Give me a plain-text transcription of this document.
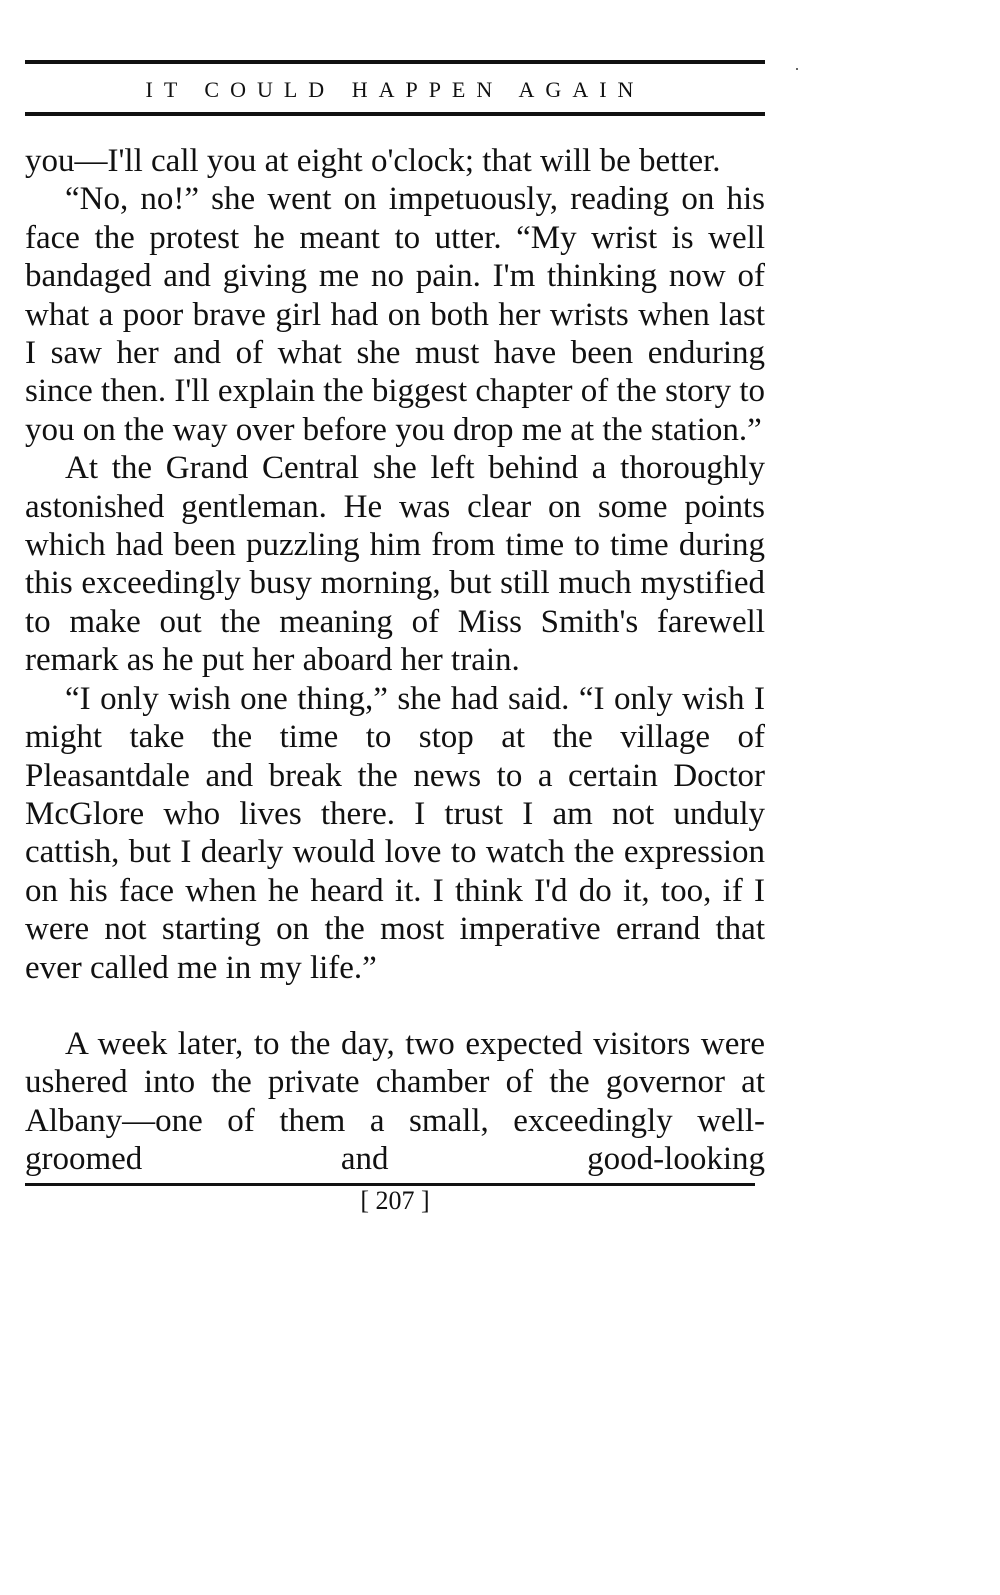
IT COULD HAPPEN AGAIN

you—I'll call you at eight o'clock; that will be better.

“No, no!” she went on impetuously, reading on his face the protest he meant to utter. “My wrist is well bandaged and giving me no pain. I'm thinking now of what a poor brave girl had on both her wrists when last I saw her and of what she must have been enduring since then. I'll explain the biggest chapter of the story to you on the way over before you drop me at the station.”

At the Grand Central she left behind a thoroughly astonished gentleman. He was clear on some points which had been puzzling him from time to time during this exceedingly busy morning, but still much mystified to make out the meaning of Miss Smith's farewell remark as he put her aboard her train.

“I only wish one thing,” she had said. “I only wish I might take the time to stop at the village of Pleasantdale and break the news to a certain Doctor McGlore who lives there. I trust I am not unduly cattish, but I dearly would love to watch the expression on his face when he heard it. I think I'd do it, too, if I were not starting on the most imperative errand that ever called me in my life.”

A week later, to the day, two expected visitors were ushered into the private chamber of the governor at Albany—one of them a small, exceedingly well-groomed and good-looking

[ 207 ]
